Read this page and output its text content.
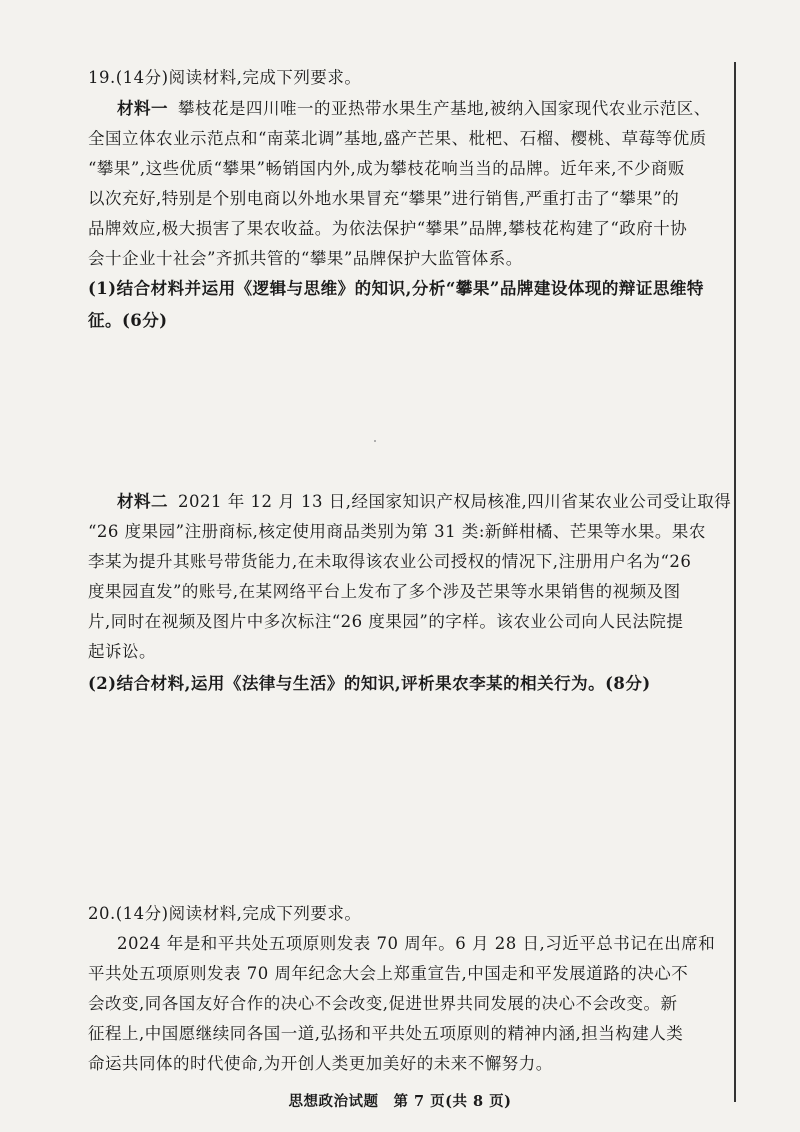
19.(14分)阅读材料,完成下列要求。
材料一 攀枝花是四川唯一的亚热带水果生产基地,被纳入国家现代农业示范区、
全国立体农业示范点和“南菜北调”基地,盛产芒果、枇杷、石榴、樱桃、草莓等优质
“攀果”,这些优质“攀果”畅销国内外,成为攀枝花响当当的品牌。近年来,不少商贩
以次充好,特别是个别电商以外地水果冒充“攀果”进行销售,严重打击了“攀果”的
品牌效应,极大损害了果农收益。为依法保护“攀果”品牌,攀枝花构建了“政府十协
会十企业十社会”齐抓共管的“攀果”品牌保护大监管体系。
(1)结合材料并运用《逻辑与思维》的知识,分析“攀果”品牌建设体现的辩证思维特
征。(6分)
材料二 2021 年 12 月 13 日,经国家知识产权局核准,四川省某农业公司受让取得
“26 度果园”注册商标,核定使用商品类别为第 31 类:新鲜柑橘、芒果等水果。果农
李某为提升其账号带货能力,在未取得该农业公司授权的情况下,注册用户名为“26
度果园直发”的账号,在某网络平台上发布了多个涉及芒果等水果销售的视频及图
片,同时在视频及图片中多次标注“26 度果园”的字样。该农业公司向人民法院提
起诉讼。
(2)结合材料,运用《法律与生活》的知识,评析果农李某的相关行为。(8分)
20.(14分)阅读材料,完成下列要求。
2024 年是和平共处五项原则发表 70 周年。6 月 28 日,习近平总书记在出席和
平共处五项原则发表 70 周年纪念大会上郑重宣告,中国走和平发展道路的决心不
会改变,同各国友好合作的决心不会改变,促进世界共同发展的决心不会改变。新
征程上,中国愿继续同各国一道,弘扬和平共处五项原则的精神内涵,担当构建人类
命运共同体的时代使命,为开创人类更加美好的未来不懈努力。
思想政治试题　第 7 页(共 8 页)
